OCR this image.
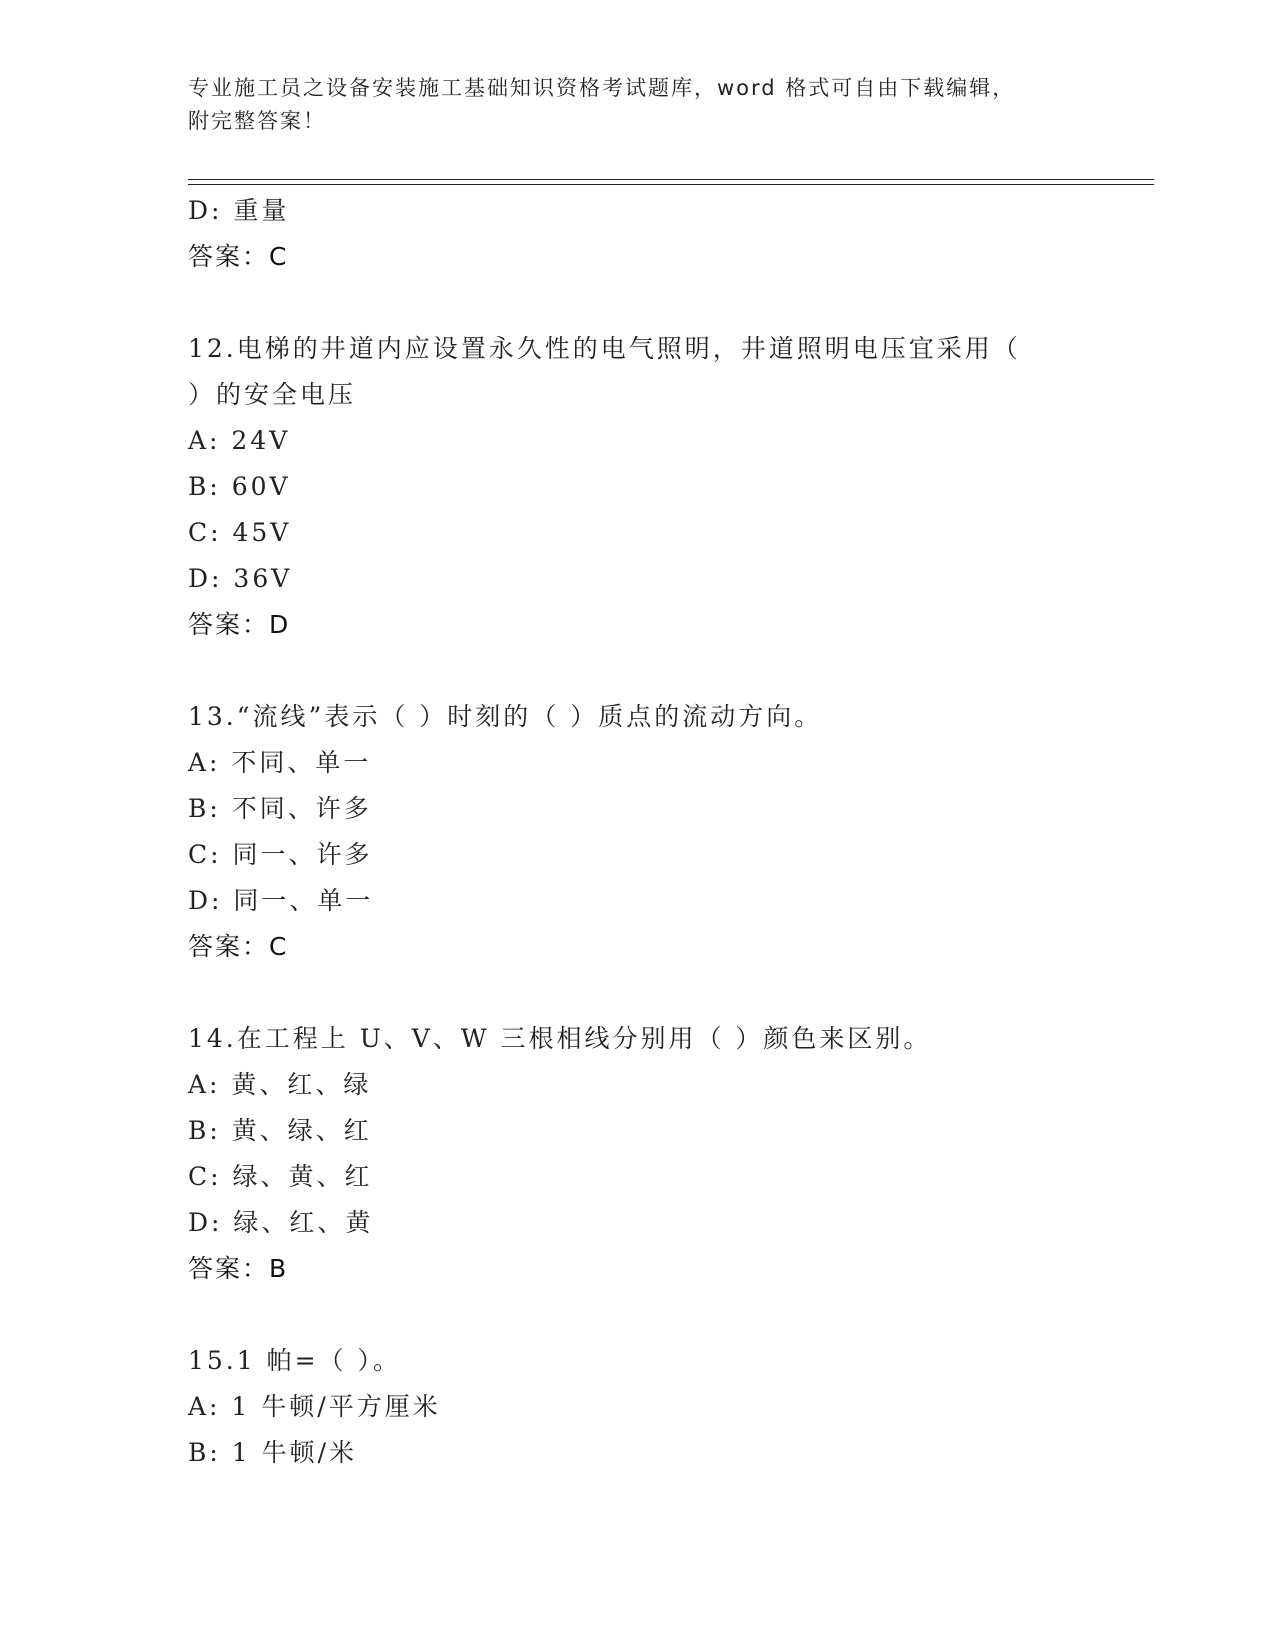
专业施工员之设备安装施工基础知识资格考试题库，word 格式可自由下载编辑，
附完整答案！
D: 重量
答案：C
12.电梯的井道内应设置永久性的电气照明，井道照明电压宜采用（
）的安全电压
A: 24V
B: 60V
C: 45V
D: 36V
答案：D
13.“流线”表示（ ）时刻的（ ）质点的流动方向。
A: 不同、单一
B: 不同、许多
C: 同一、许多
D: 同一、单一
答案：C
14.在工程上 U、V、W 三根相线分别用（ ）颜色来区别。
A: 黄、红、绿
B: 黄、绿、红
C: 绿、黄、红
D: 绿、红、黄
答案：B
15.1 帕=（ ）。
A: 1 牛顿/平方厘米
B: 1 牛顿/米
